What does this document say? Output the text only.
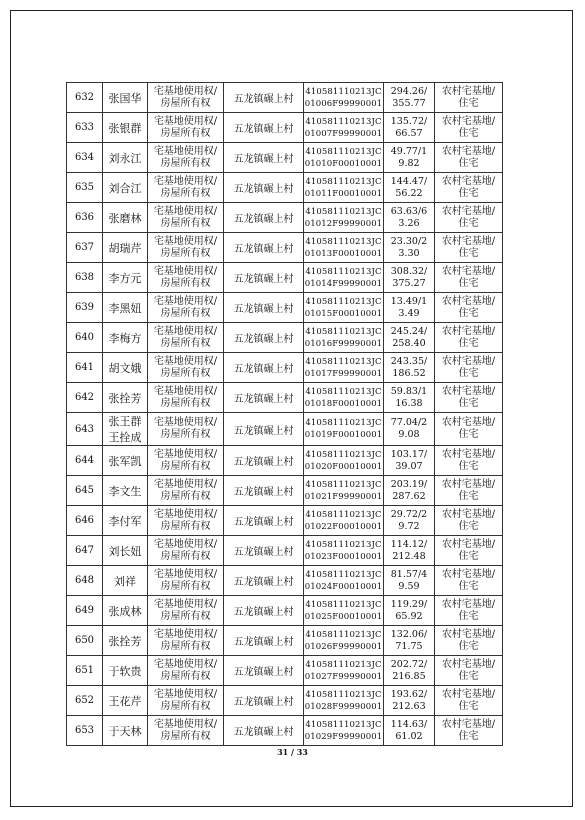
632	张国华	宅基地使用权/
房屋所有权	五龙镇碾上村	410581110213JC
01006F99990001	294.26/
355.77	农村宅基地/
住宅

633	张银群	宅基地使用权/
房屋所有权	五龙镇碾上村	410581110213JC
01007F99990001	135.72/
66.57	农村宅基地/
住宅

634	刘永江	宅基地使用权/
房屋所有权	五龙镇碾上村	410581110213JC
01010F00010001	49.77/1
9.82	农村宅基地/
住宅

635	刘合江	宅基地使用权/
房屋所有权	五龙镇碾上村	410581110213JC
01011F00010001	144.47/
56.22	农村宅基地/
住宅

636	张磨林	宅基地使用权/
房屋所有权	五龙镇碾上村	410581110213JC
01012F99990001	63.63/6
3.26	农村宅基地/
住宅

637	胡瑞芹	宅基地使用权/
房屋所有权	五龙镇碾上村	410581110213JC
01013F00010001	23.30/2
3.30	农村宅基地/
住宅

638	李方元	宅基地使用权/
房屋所有权	五龙镇碾上村	410581110213JC
01014F99990001	308.32/
375.27	农村宅基地/
住宅

639	李黑妞	宅基地使用权/
房屋所有权	五龙镇碾上村	410581110213JC
01015F00010001	13.49/1
3.49	农村宅基地/
住宅

640	李梅方	宅基地使用权/
房屋所有权	五龙镇碾上村	410581110213JC
01016F99990001	245.24/
258.40	农村宅基地/
住宅

641	胡文娥	宅基地使用权/
房屋所有权	五龙镇碾上村	410581110213JC
01017F99990001	243.35/
186.52	农村宅基地/
住宅

642	张拴芳	宅基地使用权/
房屋所有权	五龙镇碾上村	410581110213JC
01018F00010001	59.83/1
16.38	农村宅基地/
住宅

643	张王群
王拴成	宅基地使用权/
房屋所有权	五龙镇碾上村	410581110213JC
01019F00010001	77.04/2
9.08	农村宅基地/
住宅

644	张军凯	宅基地使用权/
房屋所有权	五龙镇碾上村	410581110213JC
01020F00010001	103.17/
39.07	农村宅基地/
住宅

645	李文生	宅基地使用权/
房屋所有权	五龙镇碾上村	410581110213JC
01021F99990001	203.19/
287.62	农村宅基地/
住宅

646	李付军	宅基地使用权/
房屋所有权	五龙镇碾上村	410581110213JC
01022F00010001	29.72/2
9.72	农村宅基地/
住宅

647	刘长妞	宅基地使用权/
房屋所有权	五龙镇碾上村	410581110213JC
01023F00010001	114.12/
212.48	农村宅基地/
住宅

648	刘祥	宅基地使用权/
房屋所有权	五龙镇碾上村	410581110213JC
01024F00010001	81.57/4
9.59	农村宅基地/
住宅

649	张成林	宅基地使用权/
房屋所有权	五龙镇碾上村	410581110213JC
01025F00010001	119.29/
65.92	农村宅基地/
住宅

650	张拴芳	宅基地使用权/
房屋所有权	五龙镇碾上村	410581110213JC
01026F99990001	132.06/
71.75	农村宅基地/
住宅

651	于软贵	宅基地使用权/
房屋所有权	五龙镇碾上村	410581110213JC
01027F99990001	202.72/
216.85	农村宅基地/
住宅

652	王花芹	宅基地使用权/
房屋所有权	五龙镇碾上村	410581110213JC
01028F99990001	193.62/
212.63	农村宅基地/
住宅

653	于天林	宅基地使用权/
房屋所有权	五龙镇碾上村	410581110213JC
01029F99990001	114.63/
61.02	农村宅基地/
住宅
31 / 33
